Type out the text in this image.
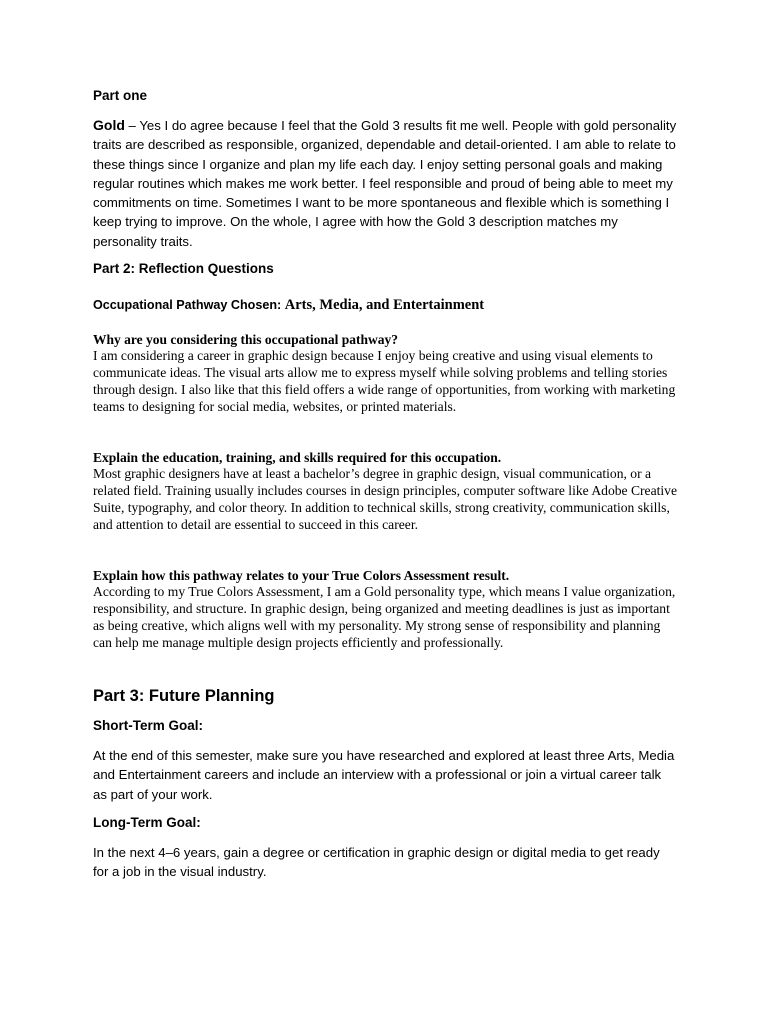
Part one

Gold – Yes I do agree because I feel that the Gold 3 results fit me well. People with gold personality traits are described as responsible, organized, dependable and detail-oriented. I am able to relate to these things since I organize and plan my life each day. I enjoy setting personal goals and making regular routines which makes me work better. I feel responsible and proud of being able to meet my commitments on time. Sometimes I want to be more spontaneous and flexible which is something I keep trying to improve. On the whole, I agree with how the Gold 3 description matches my personality traits.

Part 2: Reflection Questions

Occupational Pathway Chosen: Arts, Media, and Entertainment

Why are you considering this occupational pathway?

I am considering a career in graphic design because I enjoy being creative and using visual elements to communicate ideas. The visual arts allow me to express myself while solving problems and telling stories through design. I also like that this field offers a wide range of opportunities, from working with marketing teams to designing for social media, websites, or printed materials.

Explain the education, training, and skills required for this occupation.

Most graphic designers have at least a bachelor’s degree in graphic design, visual communication, or a related field. Training usually includes courses in design principles, computer software like Adobe Creative Suite, typography, and color theory. In addition to technical skills, strong creativity, communication skills, and attention to detail are essential to succeed in this career.

Explain how this pathway relates to your True Colors Assessment result.

According to my True Colors Assessment, I am a Gold personality type, which means I value organization, responsibility, and structure. In graphic design, being organized and meeting deadlines is just as important as being creative, which aligns well with my personality. My strong sense of responsibility and planning can help me manage multiple design projects efficiently and professionally.

Part 3: Future Planning

Short-Term Goal:

At the end of this semester, make sure you have researched and explored at least three Arts, Media and Entertainment careers and include an interview with a professional or join a virtual career talk as part of your work.

Long-Term Goal:

In the next 4–6 years, gain a degree or certification in graphic design or digital media to get ready for a job in the visual industry.
